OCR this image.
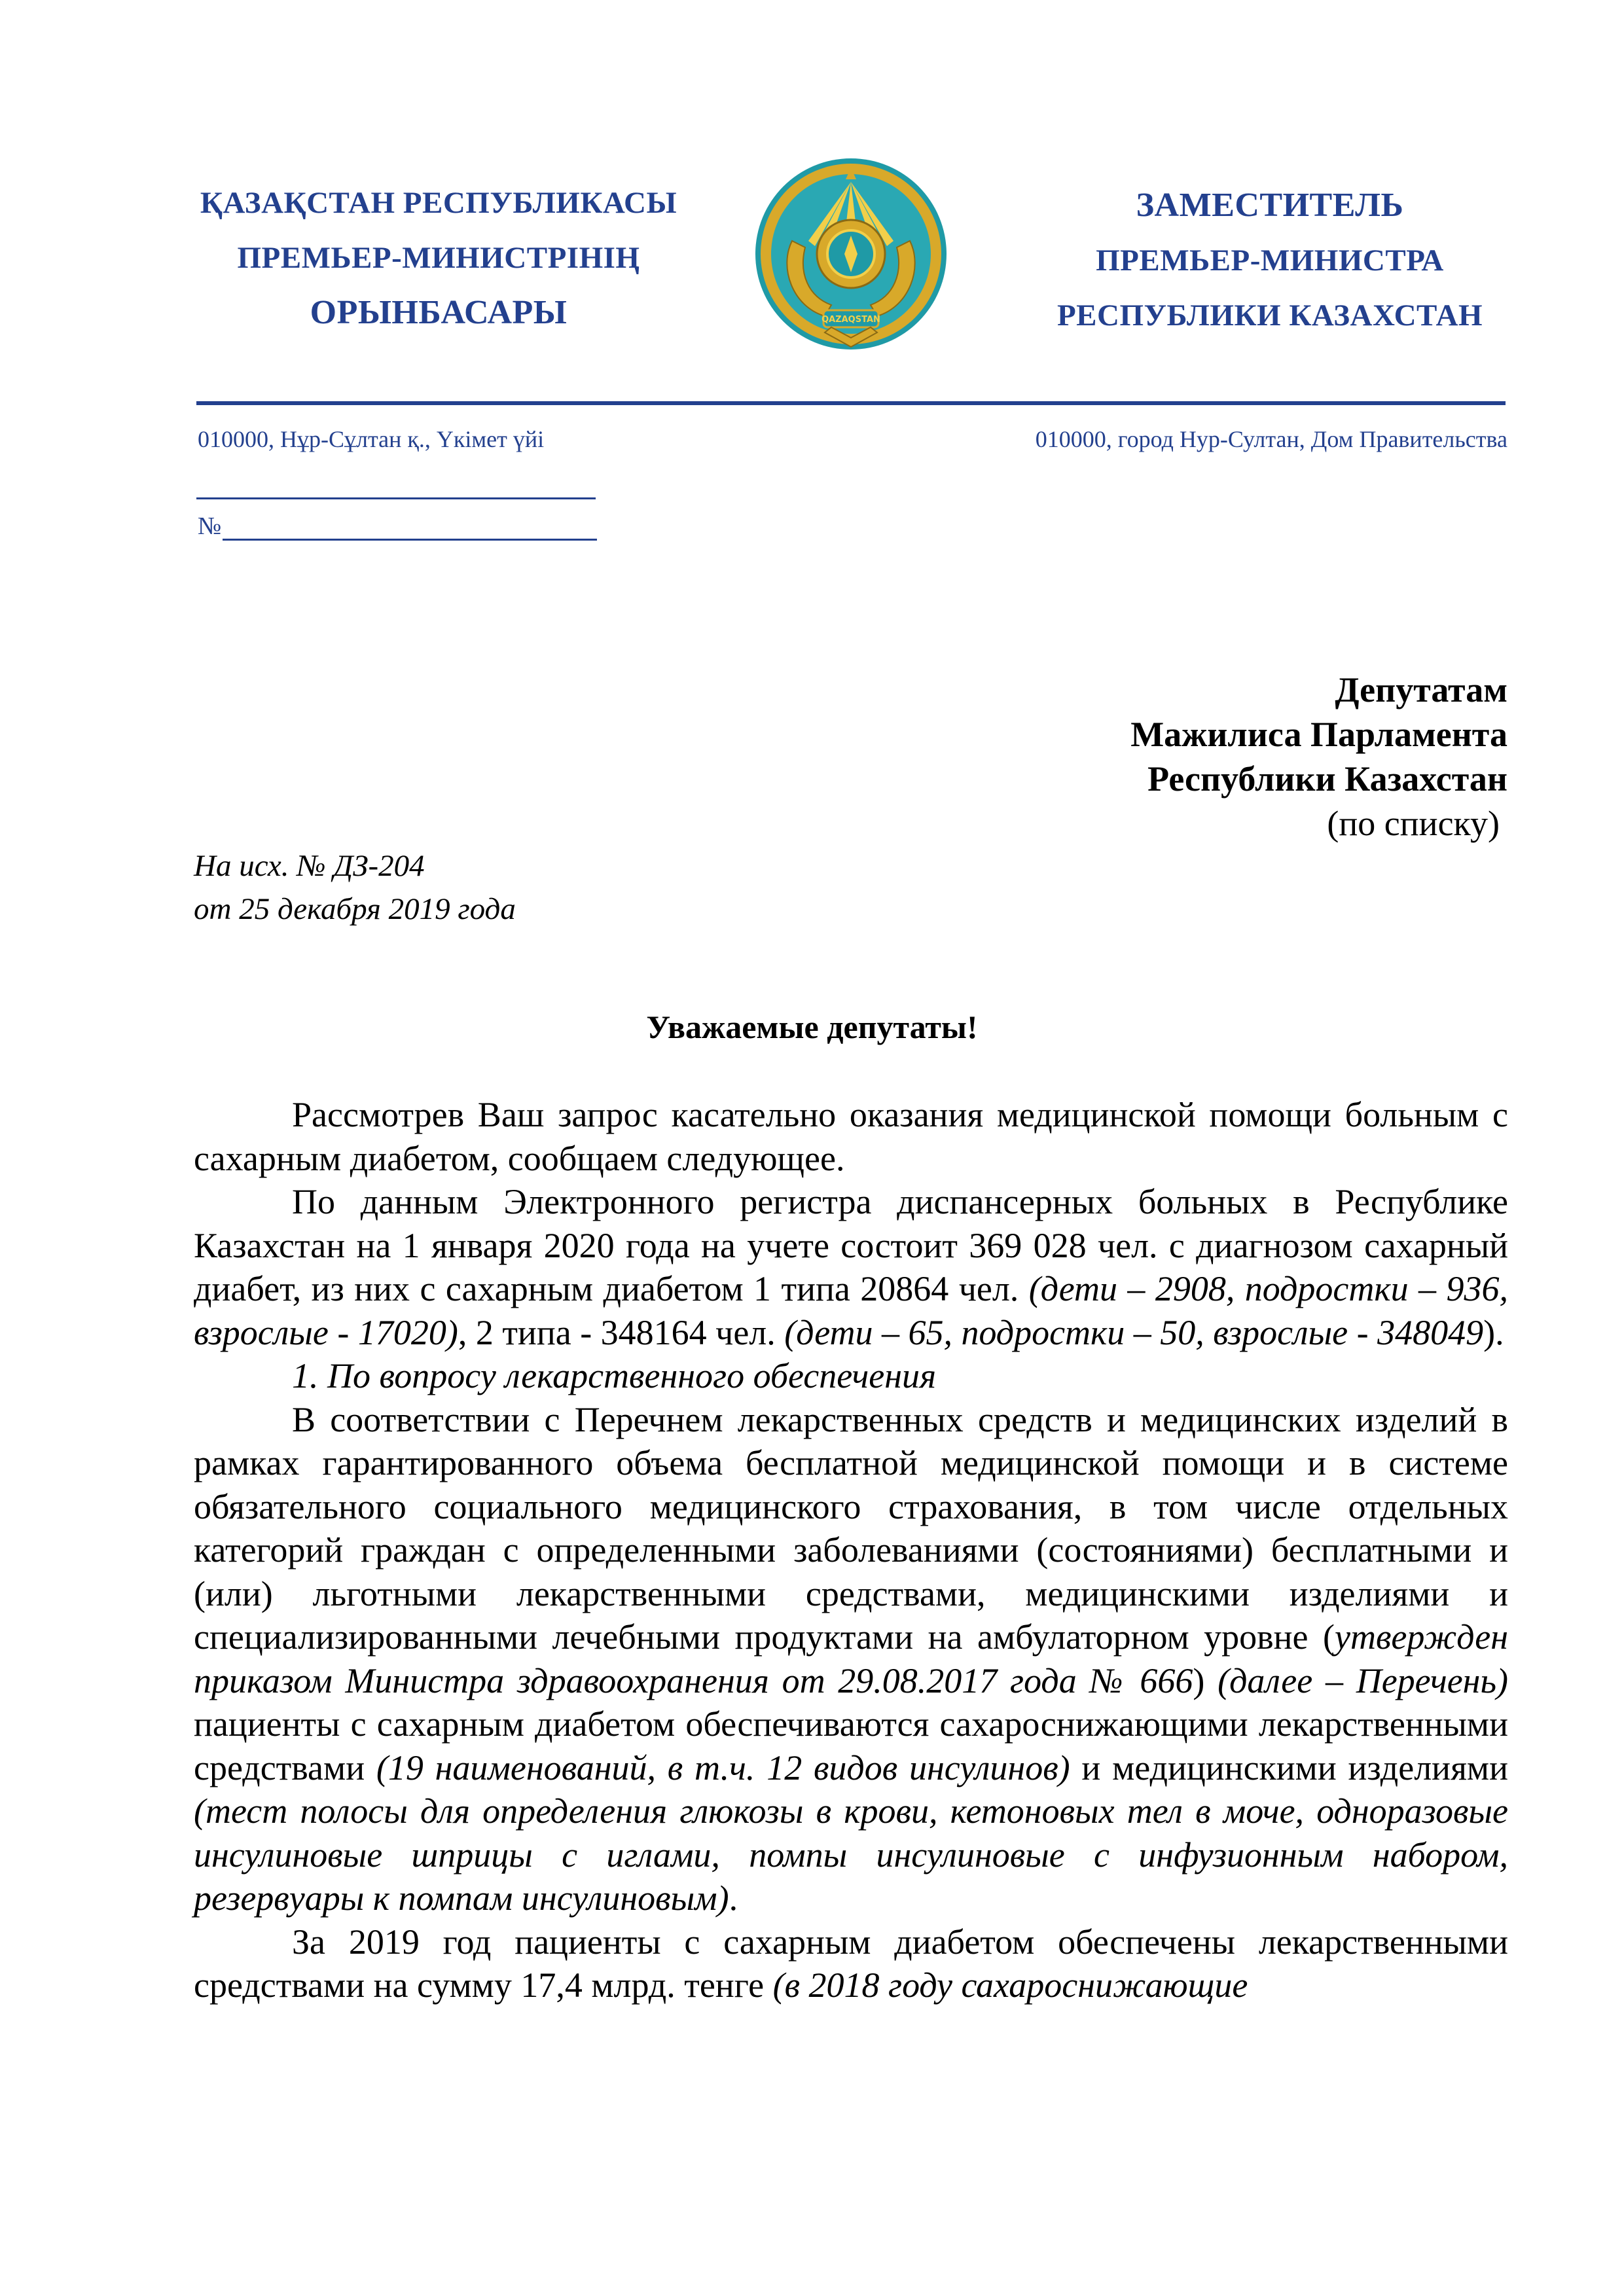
ҚАЗАҚСТАН РЕСПУБЛИКАСЫ
ПРЕМЬЕР-МИНИСТРІНІҢ
ОРЫНБАСАРЫ	QAZAQSTAN
ЗАМЕСТИТЕЛЬ
ПРЕМЬЕР-МИНИСТРА
РЕСПУБЛИКИ КАЗАХСТАН
010000, Нұр-Сұлтан қ., Үкімет үйі	010000, город Нур-Султан, Дом Правительства
№
Депутатам
Мажилиса Парламента
Республики Казахстан
(по списку)
На исх. № ДЗ-204
от 25 декабря 2019 года
Уважаемые депутаты!

Рассмотрев Ваш запрос касательно оказания медицинской помощи больным с сахарным диабетом, сообщаем следующее.

По данным Электронного регистра диспансерных больных в Республике Казахстан на 1 января 2020 года на учете состоит 369 028 чел. с диагнозом сахарный диабет, из них с сахарным диабетом 1 типа 20864 чел. (дети – 2908, подростки – 936, взрослые - 17020), 2 типа - 348164 чел. (дети – 65, подростки – 50, взрослые - 348049).

1. По вопросу лекарственного обеспечения

В соответствии с Перечнем лекарственных средств и медицинских изделий в рамках гарантированного объема бесплатной медицинской помощи и в системе обязательного социального медицинского страхования, в том числе отдельных категорий граждан с определенными заболеваниями (состояниями) бесплатными и (или) льготными лекарственными средствами, медицинскими изделиями и специализированными лечебными продуктами на амбулаторном уровне (утвержден приказом Министра здравоохранения от 29.08.2017 года № 666) (далее – Перечень) пациенты с сахарным диабетом обеспечиваются сахароснижающими лекарственными средствами (19 наименований, в т.ч. 12 видов инсулинов) и медицинскими изделиями (тест полосы для определения глюкозы в крови, кетоновых тел в моче, одноразовые инсулиновые шприцы с иглами, помпы инсулиновые с инфузионным набором, резервуары к помпам инсулиновым).

За 2019 год пациенты с сахарным диабетом обеспечены лекарственными средствами на сумму 17,4 млрд. тенге (в 2018 году сахароснижающие
